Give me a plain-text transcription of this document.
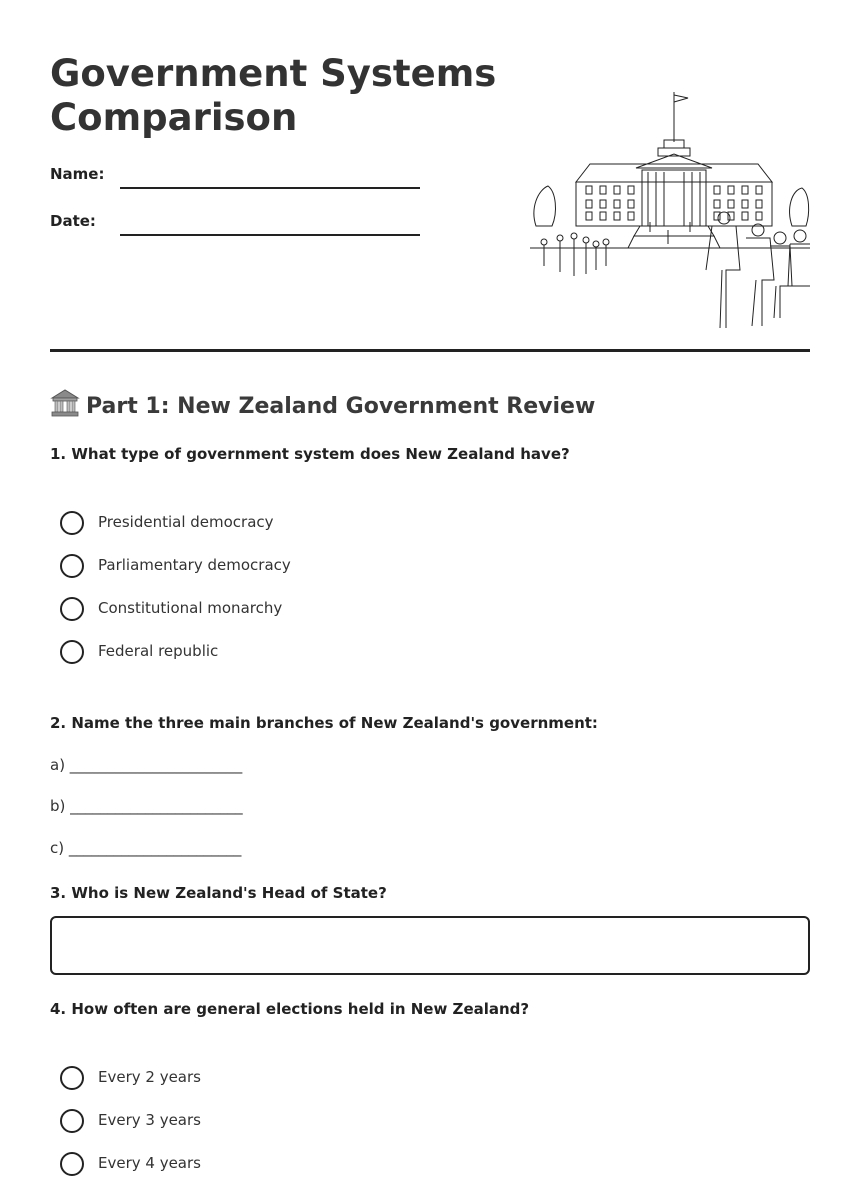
Government Systems Comparison
Name:
Date:
Part 1: New Zealand Government Review

1. What type of government system does New Zealand have?

Presidential democracy
Parliamentary democracy
Constitutional monarchy
Federal republic

2. Name the three main branches of New Zealand's government:

a) _______________________
b) _______________________
c) _______________________

3. Who is New Zealand's Head of State?

4. How often are general elections held in New Zealand?

Every 2 years
Every 3 years
Every 4 years
